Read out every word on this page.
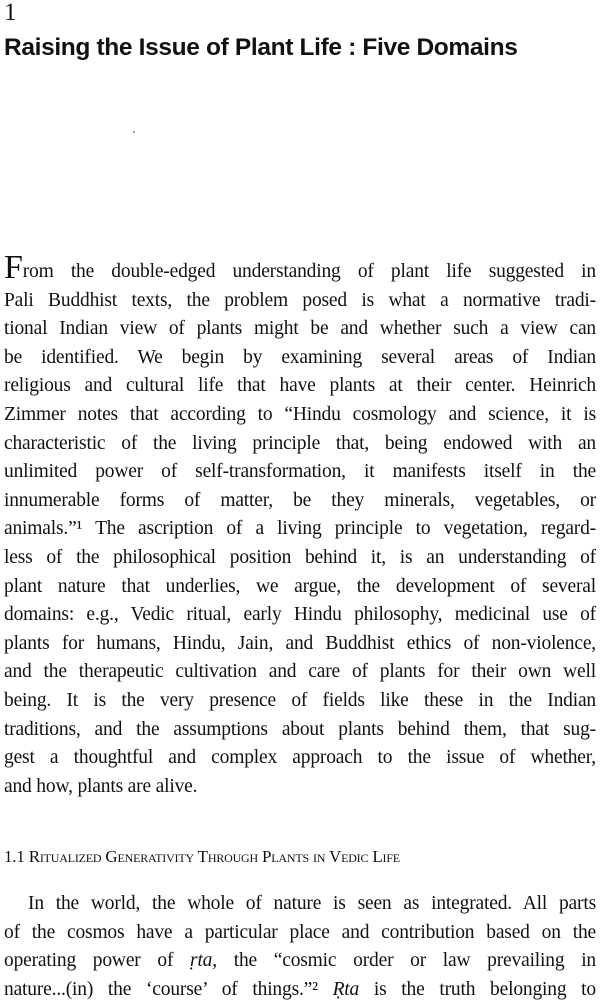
1
Raising the Issue of Plant Life : Five Domains
From the double-edged understanding of plant life suggested in
Pali Buddhist texts, the problem posed is what a normative tradi-
tional Indian view of plants might be and whether such a view can
be identified. We begin by examining several areas of Indian
religious and cultural life that have plants at their center. Heinrich
Zimmer notes that according to “Hindu cosmology and science, it is
characteristic of the living principle that, being endowed with an
unlimited power of self-transformation, it manifests itself in the
innumerable forms of matter, be they minerals, vegetables, or
animals.”¹ The ascription of a living principle to vegetation, regard-
less of the philosophical position behind it, is an understanding of
plant nature that underlies, we argue, the development of several
domains: e.g., Vedic ritual, early Hindu philosophy, medicinal use of
plants for humans, Hindu, Jain, and Buddhist ethics of non-violence,
and the therapeutic cultivation and care of plants for their own well
being. It is the very presence of fields like these in the Indian
traditions, and the assumptions about plants behind them, that sug-
gest a thoughtful and complex approach to the issue of whether,
and how, plants are alive.
1.1 Ritualized Generativity Through Plants in Vedic Life
In the world, the whole of nature is seen as integrated. All parts
of the cosmos have a particular place and contribution based on the
operating power of ṛta, the “cosmic order or law prevailing in
nature...(in) the ‘course’ of things.”² Ṛta is the truth belonging to
